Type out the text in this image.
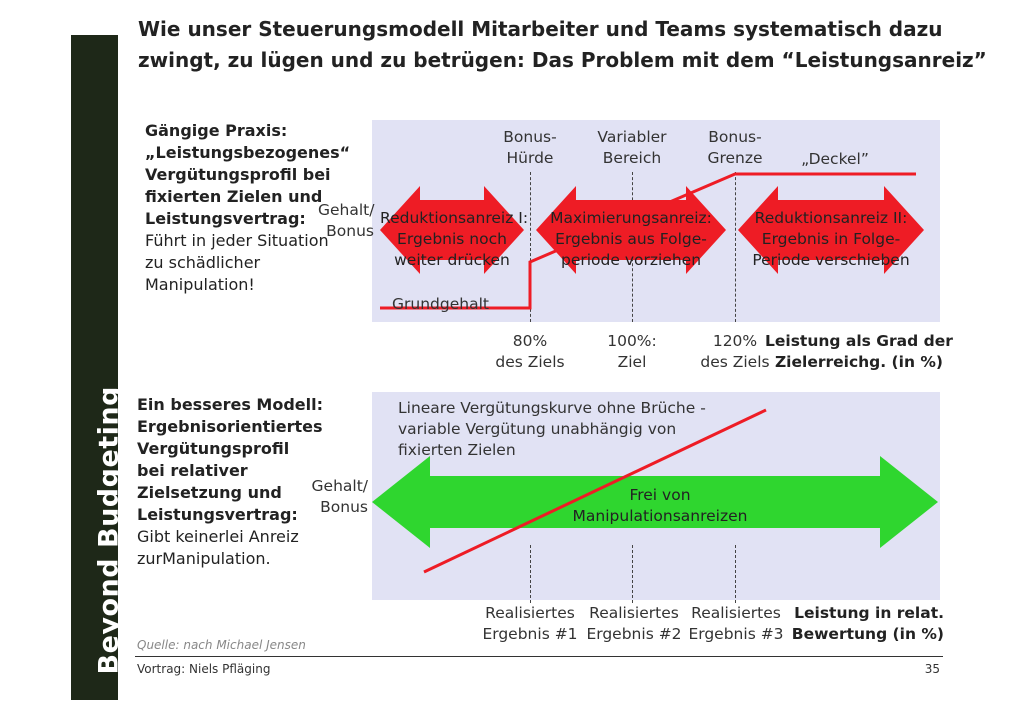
Beyond Budgeting
Wie unser Steuerungsmodell Mitarbeiter und Teams systematisch dazu
zwingt, zu lügen und zu betrügen: Das Problem mit dem “Leistungsanreiz”
Gängige Praxis:
„Leistungsbezogenes“
Vergütungsprofil bei
fixierten Zielen und
Leistungsvertrag:
Führt in jeder Situation
zu schädlicher
Manipulation!
Gehalt/
Bonus
Bonus-
Hürde
Variabler
Bereich
Bonus-
Grenze	„Deckel”
Reduktionsanreiz I:
Ergebnis noch
weiter drücken
Maximierungsanreiz:
Ergebnis aus Folge-
periode vorziehen
Reduktionsanreiz II:
Ergebnis in Folge-
Periode verschieben
Grundgehalt
80%
des Ziels
100%:
Ziel
120%
des Ziels
Leistung als Grad der
Zielerreichg. (in %)
Ein besseres Modell:
Ergebnisorientiertes
Vergütungsprofil
bei relativer
Zielsetzung und
Leistungsvertrag:
Gibt keinerlei Anreiz
zurManipulation.
Gehalt/
Bonus
Lineare Vergütungskurve ohne Brüche -
variable Vergütung unabhängig von
fixierten Zielen
Frei von
Manipulationsanreizen
Realisiertes
Ergebnis #1
Realisiertes
Ergebnis #2
Realisiertes
Ergebnis #3
Leistung in relat.
Bewertung (in %)
Quelle: nach Michael Jensen
Vortrag: Niels Pfläging	35
